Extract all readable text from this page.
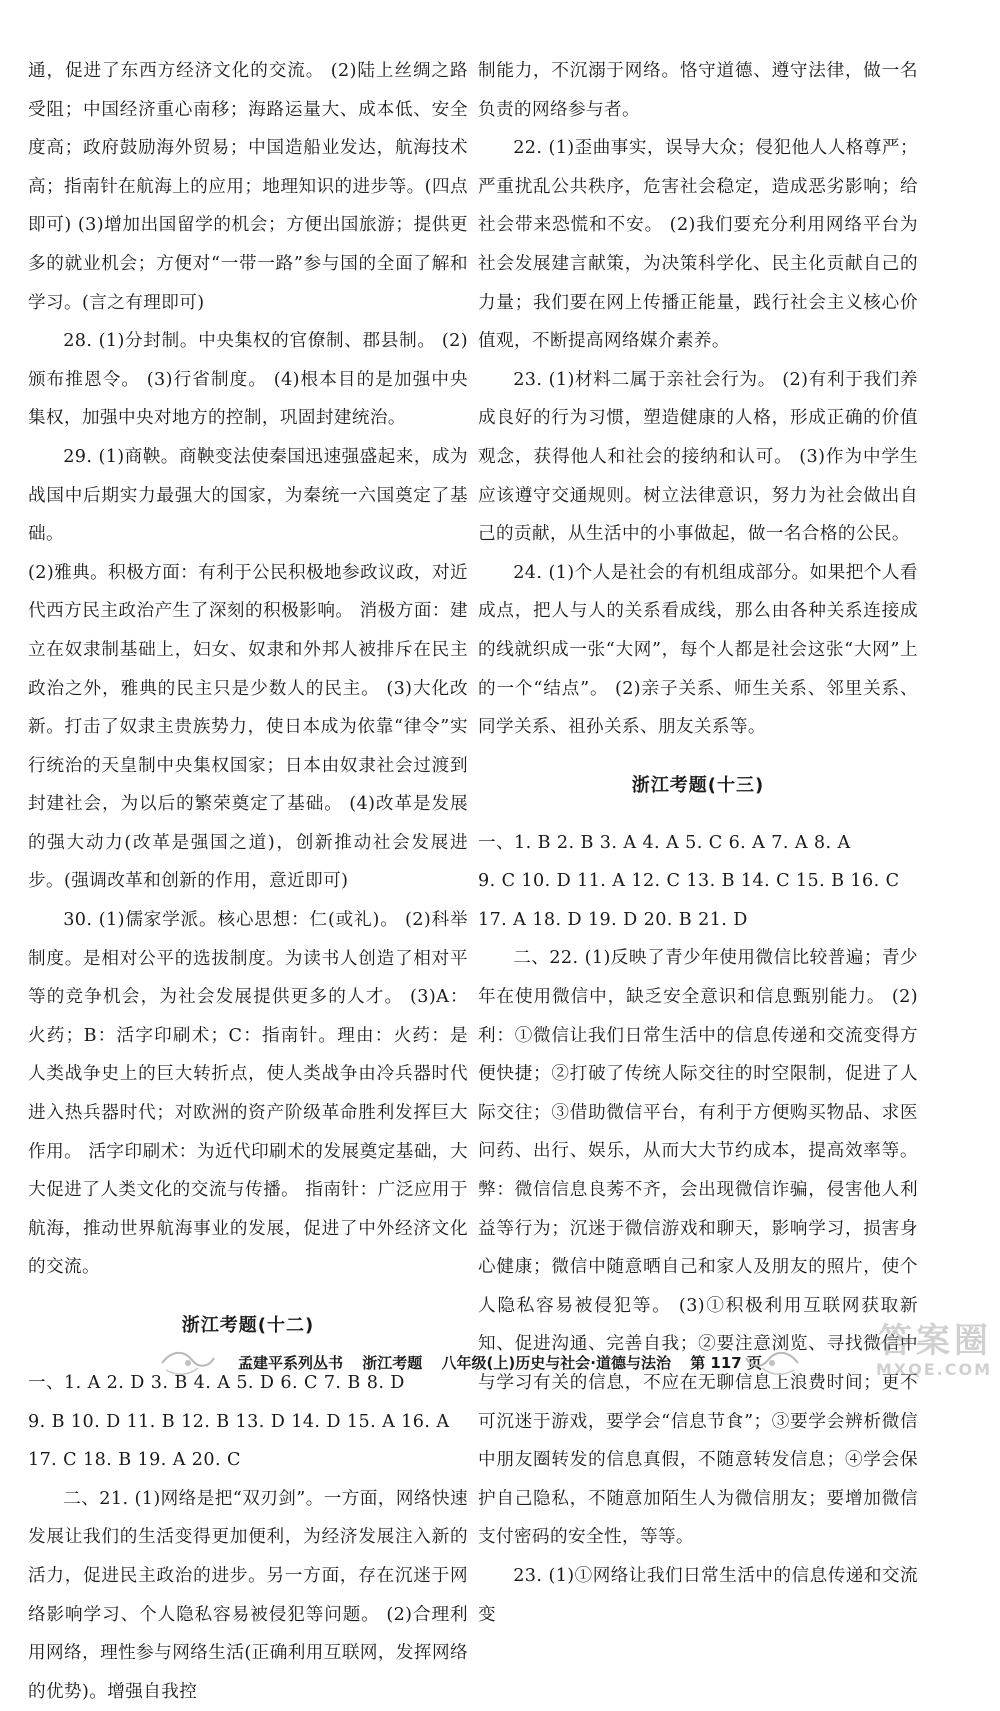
通，促进了东西方经济文化的交流。 (2)陆上丝绸之路受阻；中国经济重心南移；海路运量大、成本低、安全度高；政府鼓励海外贸易；中国造船业发达，航海技术高；指南针在航海上的应用；地理知识的进步等。(四点即可) (3)增加出国留学的机会；方便出国旅游；提供更多的就业机会；方便对“一带一路”参与国的全面了解和学习。(言之有理即可)

28. (1)分封制。中央集权的官僚制、郡县制。 (2)颁布推恩令。 (3)行省制度。 (4)根本目的是加强中央集权，加强中央对地方的控制，巩固封建统治。

29. (1)商鞅。商鞅变法使秦国迅速强盛起来，成为战国中后期实力最强大的国家，为秦统一六国奠定了基础。

(2)雅典。积极方面：有利于公民积极地参政议政，对近代西方民主政治产生了深刻的积极影响。 消极方面：建立在奴隶制基础上，妇女、奴隶和外邦人被排斥在民主政治之外，雅典的民主只是少数人的民主。 (3)大化改新。打击了奴隶主贵族势力，使日本成为依靠“律令”实行统治的天皇制中央集权国家；日本由奴隶社会过渡到封建社会，为以后的繁荣奠定了基础。 (4)改革是发展的强大动力(改革是强国之道)，创新推动社会发展进步。(强调改革和创新的作用，意近即可)

30. (1)儒家学派。核心思想：仁(或礼)。 (2)科举制度。是相对公平的选拔制度。为读书人创造了相对平等的竞争机会，为社会发展提供更多的人才。 (3)A：火药；B：活字印刷术；C：指南针。理由：火药：是人类战争史上的巨大转折点，使人类战争由冷兵器时代进入热兵器时代；对欧洲的资产阶级革命胜利发挥巨大作用。 活字印刷术：为近代印刷术的发展奠定基础，大大促进了人类文化的交流与传播。 指南针：广泛应用于航海，推动世界航海事业的发展，促进了中外经济文化的交流。

浙江考题(十二)

一、1. A 2. D 3. B 4. A 5. D 6. C 7. B 8. D

9. B 10. D 11. B 12. B 13. D 14. D 15. A 16. A

17. C 18. B 19. A 20. C

二、21. (1)网络是把“双刃剑”。一方面，网络快速发展让我们的生活变得更加便利，为经济发展注入新的活力，促进民主政治的进步。另一方面，存在沉迷于网络影响学习、个人隐私容易被侵犯等问题。 (2)合理利用网络，理性参与网络生活(正确利用互联网，发挥网络的优势)。增强自我控

制能力，不沉溺于网络。恪守道德、遵守法律，做一名负责的网络参与者。

22. (1)歪曲事实，误导大众；侵犯他人人格尊严；严重扰乱公共秩序，危害社会稳定，造成恶劣影响；给社会带来恐慌和不安。 (2)我们要充分利用网络平台为社会发展建言献策，为决策科学化、民主化贡献自己的力量；我们要在网上传播正能量，践行社会主义核心价值观，不断提高网络媒介素养。

23. (1)材料二属于亲社会行为。 (2)有利于我们养成良好的行为习惯，塑造健康的人格，形成正确的价值观念，获得他人和社会的接纳和认可。 (3)作为中学生应该遵守交通规则。树立法律意识，努力为社会做出自己的贡献，从生活中的小事做起，做一名合格的公民。

24. (1)个人是社会的有机组成部分。如果把个人看成点，把人与人的关系看成线，那么由各种关系连接成的线就织成一张“大网”，每个人都是社会这张“大网”上的一个“结点”。 (2)亲子关系、师生关系、邻里关系、同学关系、祖孙关系、朋友关系等。

浙江考题(十三)

一、1. B 2. B 3. A 4. A 5. C 6. A 7. A 8. A

9. C 10. D 11. A 12. C 13. B 14. C 15. B 16. C

17. A 18. D 19. D 20. B 21. D

二、22. (1)反映了青少年使用微信比较普遍；青少年在使用微信中，缺乏安全意识和信息甄别能力。 (2)利：①微信让我们日常生活中的信息传递和交流变得方便快捷；②打破了传统人际交往的时空限制，促进了人际交往；③借助微信平台，有利于方便购买物品、求医问药、出行、娱乐，从而大大节约成本，提高效率等。 弊：微信信息良莠不齐，会出现微信诈骗，侵害他人利益等行为；沉迷于微信游戏和聊天，影响学习，损害身心健康；微信中随意晒自己和家人及朋友的照片，使个人隐私容易被侵犯等。 (3)①积极利用互联网获取新知、促进沟通、完善自我；②要注意浏览、寻找微信中与学习有关的信息，不应在无聊信息上浪费时间；更不可沉迷于游戏，要学会“信息节食”；③要学会辨析微信中朋友圈转发的信息真假，不随意转发信息；④学会保护自己隐私，不随意加陌生人为微信朋友；要增加微信支付密码的安全性，等等。

23. (1)①网络让我们日常生活中的信息传递和交流变

孟建平系列丛书 浙江考题 八年级(上)历史与社会·道德与法治 第 117 页
答案圈
MXQE.COM
